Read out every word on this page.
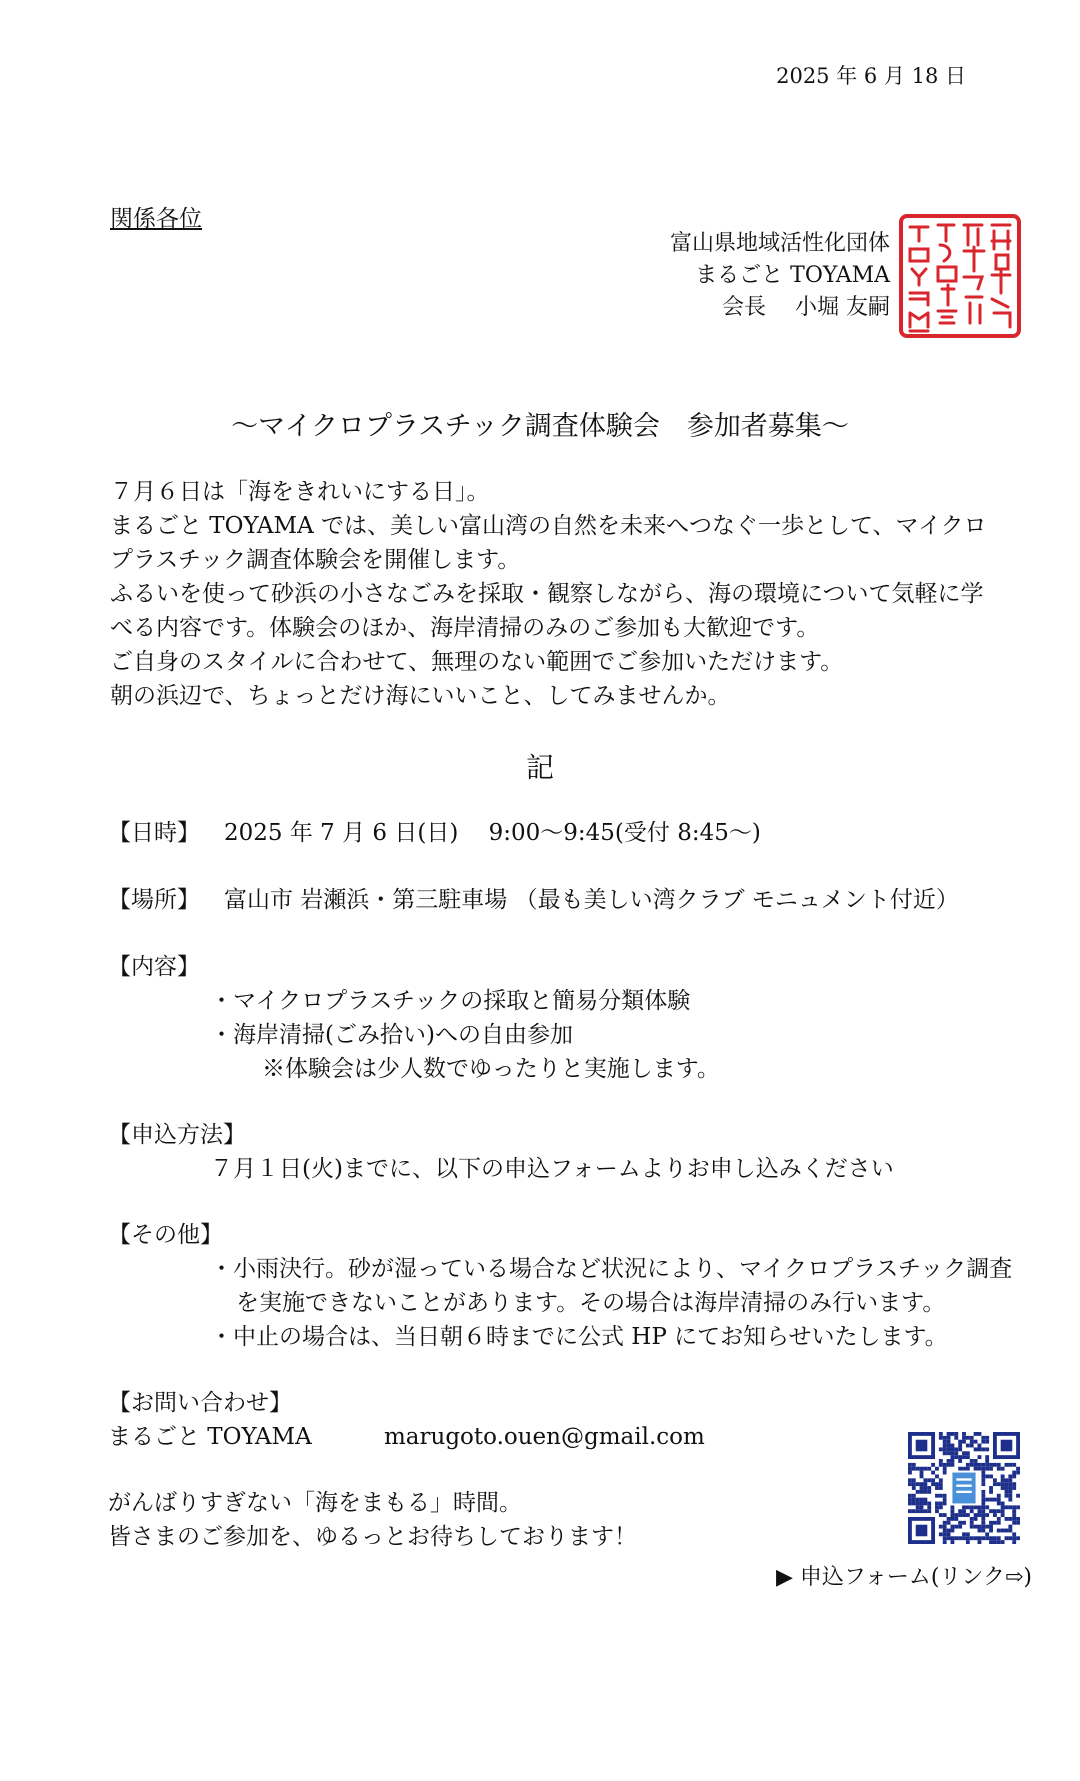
2025 年 6 月 18 日
関係各位
富山県地域活性化団体
まるごと TOYAMA
会長　 小堀 友嗣
～マイクロプラスチック調査体験会　参加者募集～
７月６日は「海をきれいにする日」。
まるごと TOYAMA では、美しい富山湾の自然を未来へつなぐ一歩として、マイクロ
プラスチック調査体験会を開催します。
ふるいを使って砂浜の小さなごみを採取・観察しながら、海の環境について気軽に学
べる内容です。体験会のほか、海岸清掃のみのご参加も大歓迎です。
ご自身のスタイルに合わせて、無理のない範囲でご参加いただけます。
朝の浜辺で、ちょっとだけ海にいいこと、してみませんか。
記
【日時】 2025 年 7 月 6 日(日)　 9:00～9:45(受付 8:45～)
【場所】 富山市 岩瀬浜・第三駐車場 （最も美しい湾クラブ モニュメント付近）
【内容】
・マイクロプラスチックの採取と簡易分類体験
・海岸清掃(ごみ拾い)への自由参加
※体験会は少人数でゆったりと実施します。
【申込方法】
７月１日(火)までに、以下の申込フォームよりお申し込みください
【その他】
・小雨決行。砂が湿っている場合など状況により、マイクロプラスチック調査
を実施できないことがあります。その場合は海岸清掃のみ行います。
・中止の場合は、当日朝６時までに公式 HP にてお知らせいたします。
【お問い合わせ】
まるごと TOYAMA	marugoto.ouen@gmail.com
がんばりすぎない「海をまもる」時間。
皆さまのご参加を、ゆるっとお待ちしております！
▶ 申込フォーム(リンク⇨)
